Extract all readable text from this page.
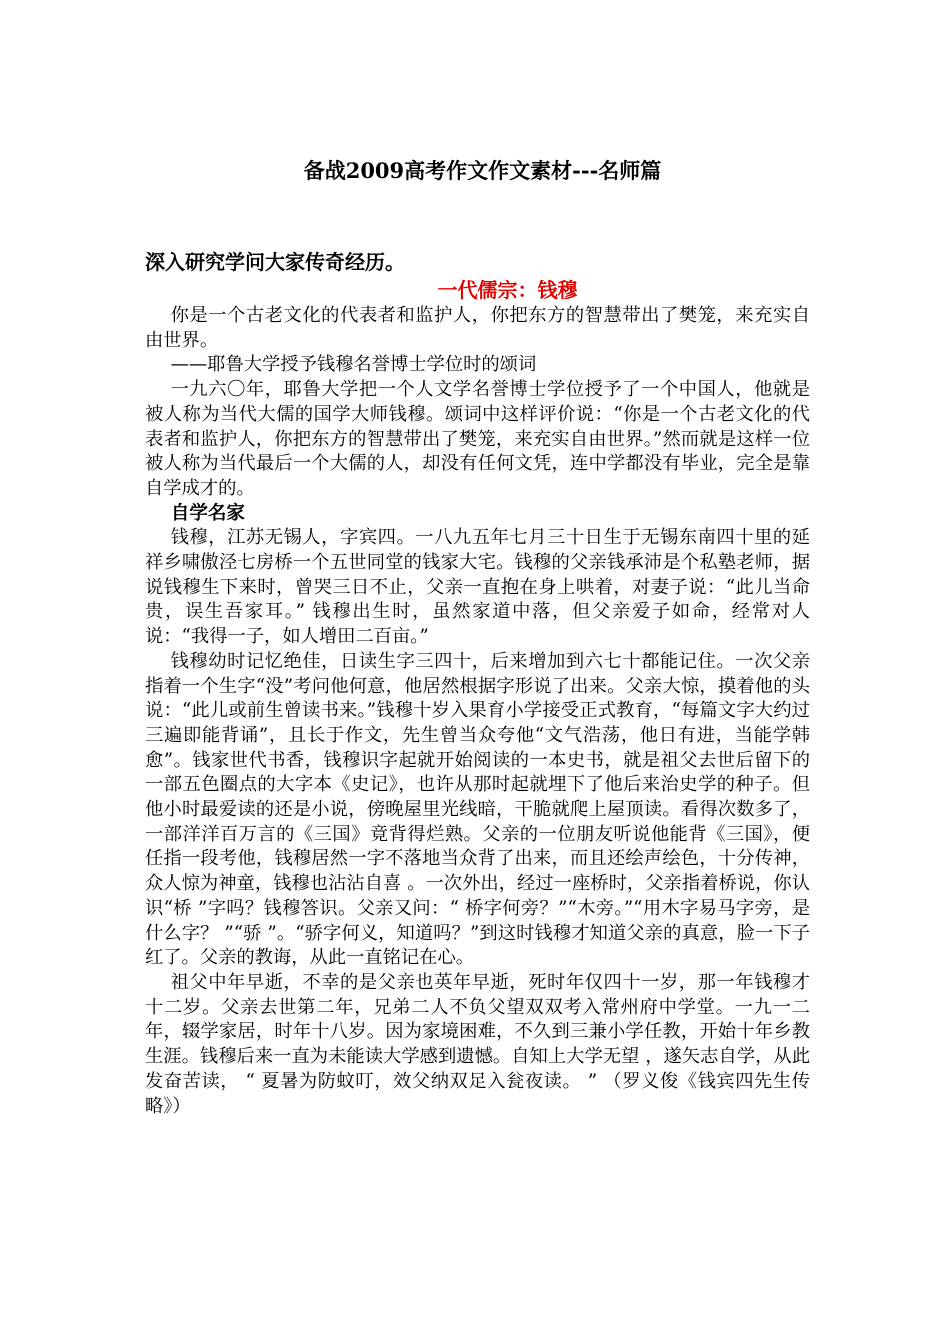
备战2009高考作文作文素材---名师篇

深入研究学问大家传奇经历。

一代儒宗：钱穆

你是一个古老文化的代表者和监护人，你把东方的智慧带出了樊笼，来充实自由世界。

——耶鲁大学授予钱穆名誉博士学位时的颂词

一九六〇年，耶鲁大学把一个人文学名誉博士学位授予了一个中国人，他就是被人称为当代大儒的国学大师钱穆。颂词中这样评价说：“你是一个古老文化的代表者和监护人，你把东方的智慧带出了樊笼，来充实自由世界。”然而就是这样一位被人称为当代最后一个大儒的人，却没有任何文凭，连中学都没有毕业，完全是靠自学成才的。

自学名家

钱穆，江苏无锡人，字宾四。一八九五年七月三十日生于无锡东南四十里的延祥乡啸傲泾七房桥一个五世同堂的钱家大宅。钱穆的父亲钱承沛是个私塾老师，据说钱穆生下来时，曾哭三日不止，父亲一直抱在身上哄着，对妻子说：“此儿当命贵，误生吾家耳。” 钱穆出生时，虽然家道中落，但父亲爱子如命，经常对人说：“我得一子，如人增田二百亩。”

钱穆幼时记忆绝佳，日读生字三四十，后来增加到六七十都能记住。一次父亲指着一个生字“没”考问他何意，他居然根据字形说了出来。父亲大惊，摸着他的头说：“此儿或前生曾读书来。”钱穆十岁入果育小学接受正式教育，“每篇文字大约过三遍即能背诵”，且长于作文，先生曾当众夸他“文气浩荡，他日有进，当能学韩愈”。钱家世代书香，钱穆识字起就开始阅读的一本史书，就是祖父去世后留下的一部五色圈点的大字本《史记》，也许从那时起就埋下了他后来治史学的种子。但他小时最爱读的还是小说，傍晚屋里光线暗，干脆就爬上屋顶读。看得次数多了，一部洋洋百万言的《三国》竟背得烂熟。父亲的一位朋友听说他能背《三国》，便任指一段考他，钱穆居然一字不落地当众背了出来，而且还绘声绘色，十分传神，众人惊为神童，钱穆也沾沾自喜 。一次外出，经过一座桥时，父亲指着桥说，你认识“桥 ”字吗？钱穆答识。父亲又问：“ 桥字何旁？”“木旁。”“用木字易马字旁，是什么字？ ”“骄 ”。“骄字何义，知道吗？”到这时钱穆才知道父亲的真意，脸一下子红了。父亲的教诲，从此一直铭记在心。

祖父中年早逝，不幸的是父亲也英年早逝，死时年仅四十一岁，那一年钱穆才十二岁。父亲去世第二年，兄弟二人不负父望双双考入常州府中学堂。一九一二年，辍学家居，时年十八岁。因为家境困难，不久到三兼小学任教，开始十年乡教生涯。钱穆后来一直为未能读大学感到遗憾。自知上大学无望 ，遂矢志自学，从此发奋苦读， “ 夏暑为防蚊叮，效父纳双足入瓮夜读。 ” （罗义俊《钱宾四先生传略》）
